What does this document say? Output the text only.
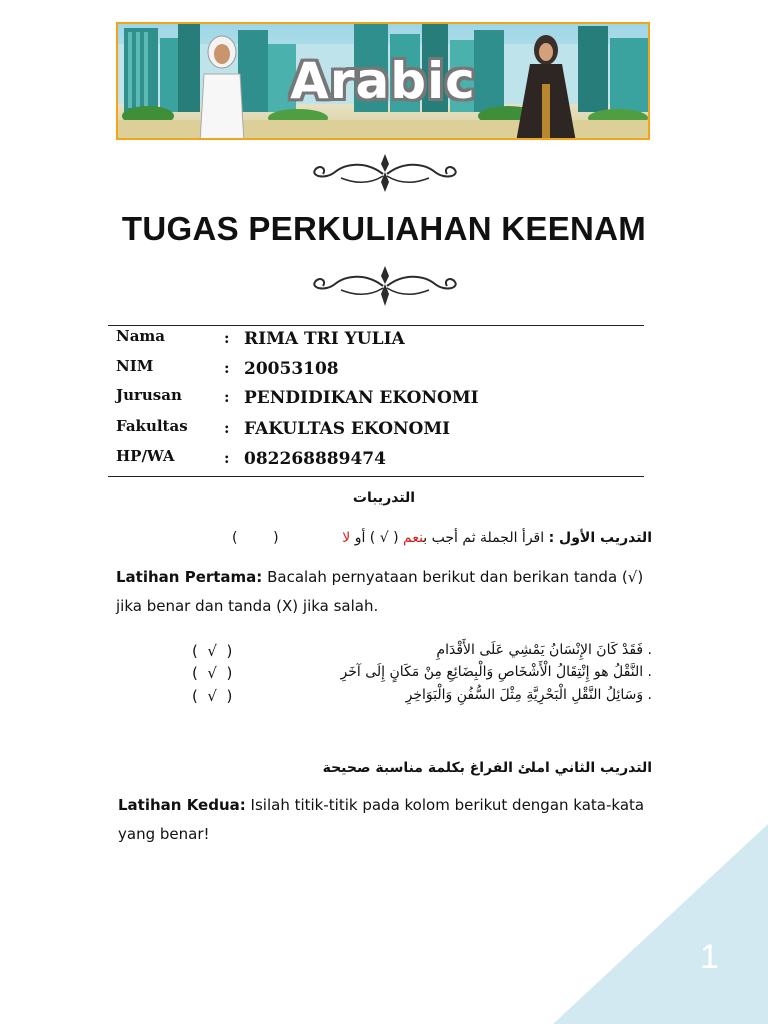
Arabic
TUGAS PERKULIAHAN KEENAM
Nama	: RIMA TRI YULIA
NIM	: 20053108
Jurusan	: PENDIDIKAN EKONOMI
Fakultas : FAKULTAS EKONOMI
HP/WA	: 082268889474
التدريبات
التدريب الأول : اقرأ الجملة ثم أجب بنعم ( √ ) أو لا
(        )
Latihan Pertama: Bacalah pernyataan berikut dan berikan tanda (√) jika benar dan tanda (X) jika salah.
(  √  )	. فَقَدْ كَانَ الإِنْسَانُ يَمْشِي عَلَى الأَقْدَامِ
(  √  )	. النَّقْلُ هو إِنْتِقَالُ الْأَشْخَاصِ وَالْبِضَائِعِ مِنْ مَكَانٍ إِلَى آخَرِ
(  √  )	. وَسَائِلُ النَّقْلِ الْبَحْرِيَّةِ مِثْلَ السُّفُنِ وَالْبَوَاخِرِ
التدريب الثاني املئ الفراغ بكلمة مناسبة صحيحة
Latihan Kedua: Isilah titik-titik pada kolom berikut dengan kata-kata yang benar!
1
